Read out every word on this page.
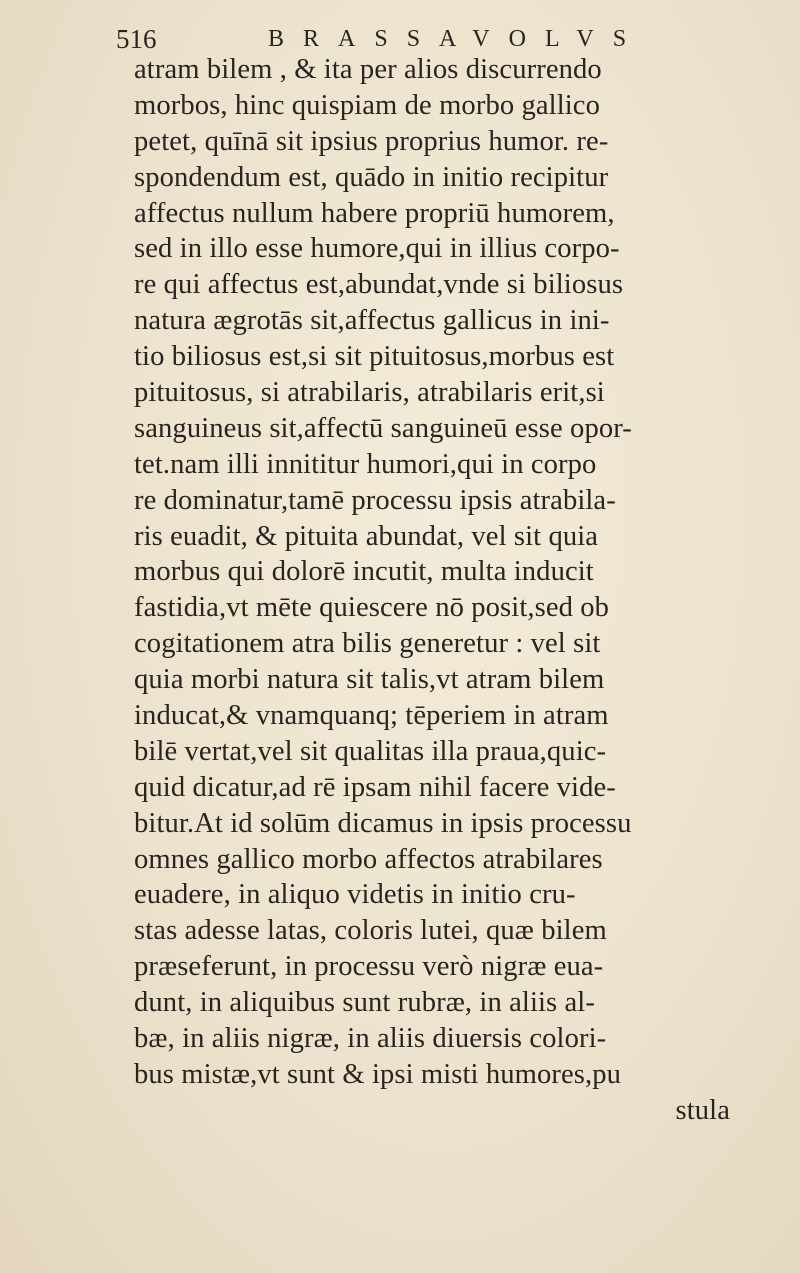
516	BRASSAVOLVS
atram bilem , & ita per alios discurrendo
morbos, hinc quispiam de morbo gallico
petet, quīnā sit ipsius proprius humor. re-
spondendum est, quādo in initio recipitur
affectus nullum habere propriū humorem,
sed in illo esse humore,qui in illius corpo-
re qui affectus est,abundat,vnde si biliosus
natura ægrotās sit,affectus gallicus in ini-
tio biliosus est,si sit pituitosus,morbus est
pituitosus, si atrabilaris, atrabilaris erit,si
sanguineus sit,affectū sanguineū esse opor-
tet.nam illi innititur humori,qui in corpo
re dominatur,tamē processu ipsis atrabila-
ris euadit, & pituita abundat, vel sit quia
morbus qui dolorē incutit, multa inducit
fastidia,vt mēte quiescere nō posit,sed ob
cogitationem atra bilis generetur : vel sit
quia morbi natura sit talis,vt atram bilem
inducat,& vnamquanq; tēperiem in atram
bilē vertat,vel sit qualitas illa praua,quic-
quid dicatur,ad rē ipsam nihil facere vide-
bitur.At id solūm dicamus in ipsis processu
omnes gallico morbo affectos atrabilares
euadere, in aliquo videtis in initio cru-
stas adesse latas, coloris lutei, quæ bilem
præseferunt, in processu verò nigræ eua-
dunt, in aliquibus sunt rubræ, in aliis al-
bæ, in aliis nigræ, in aliis diuersis colori-
bus mistæ,vt sunt & ipsi misti humores,pu
stula
